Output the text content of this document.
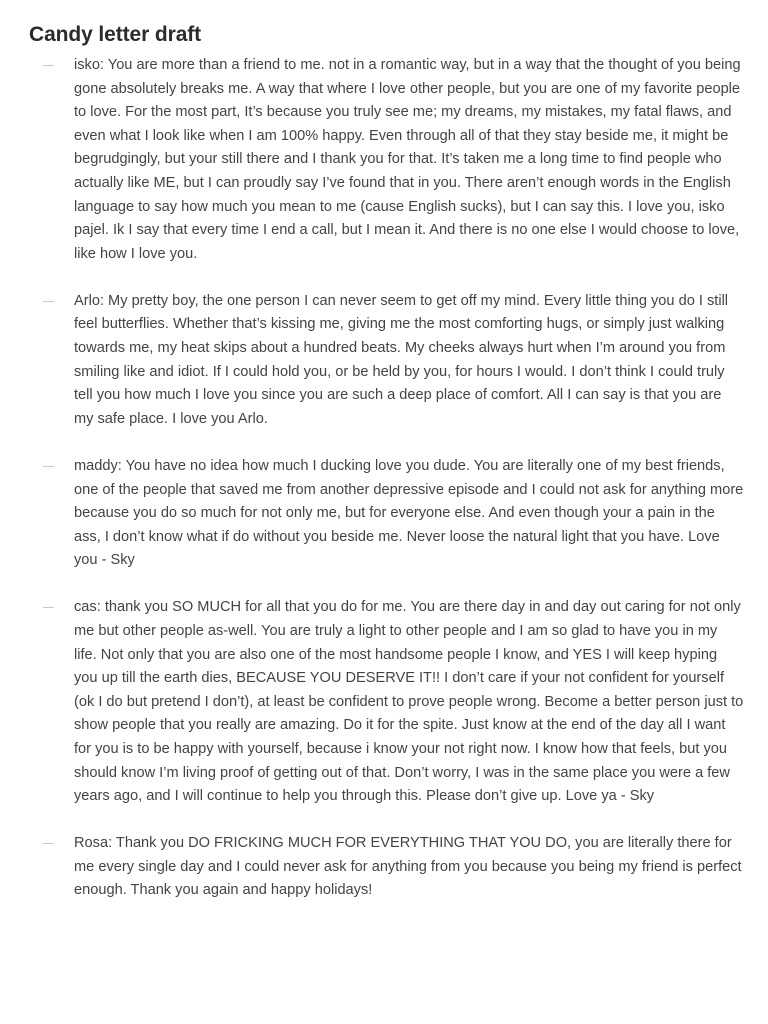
Candy letter draft
isko: You are more than a friend to me. not in a romantic way, but in a way that the thought of you being gone absolutely breaks me. A way that where I love other people, but you are one of my favorite people to love. For the most part, It’s because you truly see me; my dreams, my mistakes, my fatal flaws, and even what I look like when I am 100% happy. Even through all of that they stay beside me, it might be begrudgingly, but your still there and I thank you for that. It’s taken me a long time to find people who actually like ME, but I can proudly say I’ve found that in you. There aren’t enough words in the English language to say how much you mean to me (cause English sucks), but I can say this. I love you, isko pajel. Ik I say that every time I end a call, but I mean it. And there is no one else I would choose to love, like how I love you.
Arlo: My pretty boy, the one person I can never seem to get off my mind. Every little thing you do I still feel butterflies. Whether that’s kissing me, giving me the most comforting hugs, or simply just walking towards me, my heat skips about a hundred beats. My cheeks always hurt when I’m around you from smiling like and idiot. If I could hold you, or be held by you, for hours I would. I don’t think I could truly tell you how much I love you since you are such a deep place of comfort. All I can say is that you are my safe place. I love you Arlo.
maddy: You have no idea how much I ducking love you dude. You are literally one of my best friends, one of the people that saved me from another depressive episode and I could not ask for anything more because you do so much for not only me, but for everyone else. And even though your a pain in the ass, I don’t know what if do without you beside me. Never loose the natural light that you have. Love you - Sky
cas: thank you SO MUCH for all that you do for me. You are there day in and day out caring for not only me but other people as-well. You are truly a light to other people and I am so glad to have you in my life. Not only that you are also one of the most handsome people I know, and YES I will keep hyping you up till the earth dies, BECAUSE YOU DESERVE IT!! I don’t care if your not confident for yourself (ok I do but pretend I don’t), at least be confident to prove people wrong. Become a better person just to show people that you really are amazing. Do it for the spite. Just know at the end of the day all I want for you is to be happy with yourself, because i know your not right now. I know how that feels, but you should know I’m living proof of getting out of that. Don’t worry, I was in the same place you were a few years ago, and I will continue to help you through this. Please don’t give up. Love ya - Sky
Rosa: Thank you DO FRICKING MUCH FOR EVERYTHING THAT YOU DO, you are literally there for me every single day and I could never ask for anything from you because you being my friend is perfect enough. Thank you again and happy holidays!
